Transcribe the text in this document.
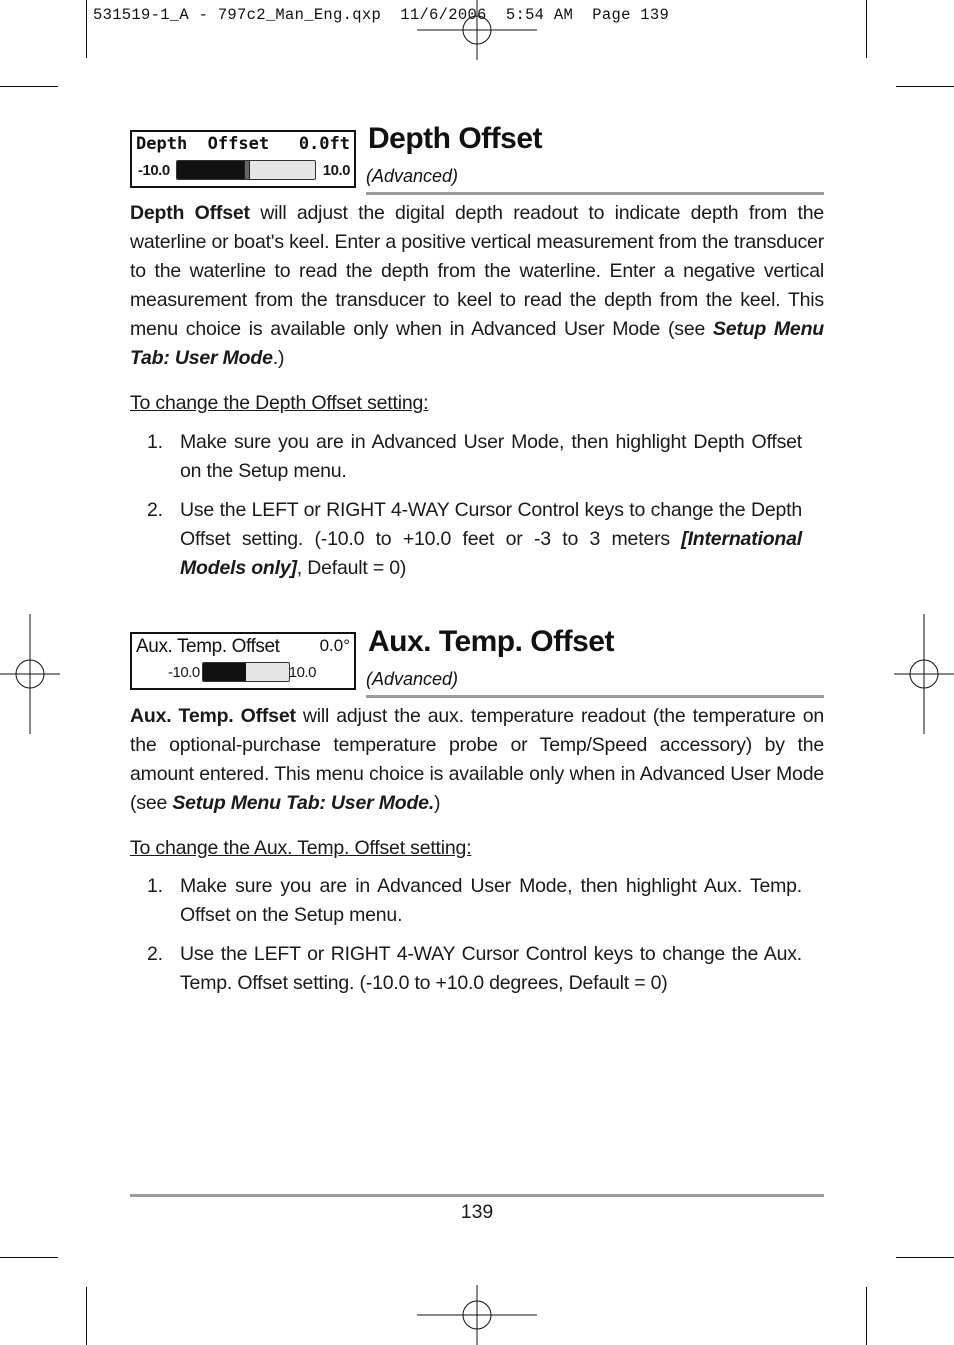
531519-1_A - 797c2_Man_Eng.qxp  11/6/2006  5:54 AM  Page 139
Depth  Offset 0.0ft
-10.0	10.0
Depth Offset
(Advanced)

Depth Offset will adjust the digital depth readout to indicate depth from the waterline or boat's keel. Enter a positive vertical measurement from the transducer to the waterline to read the depth from the waterline. Enter a negative vertical measurement from the transducer to keel to read the depth from the keel. This menu choice is available only when in Advanced User Mode (see Setup Menu Tab: User Mode.)

To change the Depth Offset setting:

1. Make sure you are in Advanced User Mode, then highlight Depth Offset on the Setup menu.
2. Use the LEFT or RIGHT 4-WAY Cursor Control keys to change the Depth Offset setting. (-10.0 to +10.0 feet or -3 to 3 meters [International Models only], Default = 0)
Aux. Temp. Offset 0.0°
-10.0	10.0
Aux. Temp. Offset
(Advanced)

Aux. Temp. Offset will adjust the aux. temperature readout (the temperature on the optional-purchase temperature probe or Temp/Speed accessory) by the amount entered. This menu choice is available only when in Advanced User Mode (see Setup Menu Tab: User Mode.)

To change the Aux. Temp. Offset setting:

1. Make sure you are in Advanced User Mode, then highlight Aux. Temp. Offset on the Setup menu.
2. Use the LEFT or RIGHT 4-WAY Cursor Control keys to change the Aux. Temp. Offset setting. (-10.0 to +10.0 degrees, Default = 0)
139
